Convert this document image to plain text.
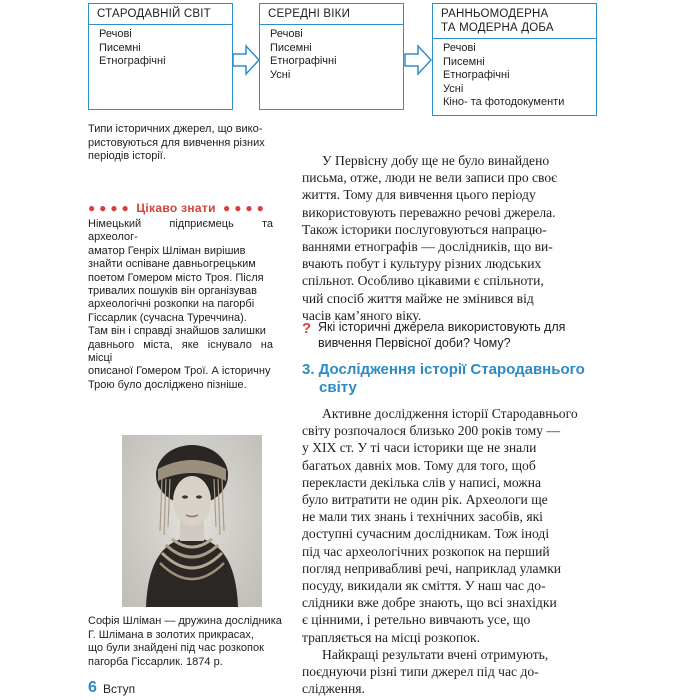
СТАРОДАВНІЙ СВІТ
Речові
Писемні
Етнографічні
СЕРЕДНІ ВІКИ
Речові
Писемні
Етнографічні
Усні
РАННЬОМОДЕРНА
ТА МОДЕРНА ДОБА
Речові
Писемні
Етнографічні
Усні
Кіно- та фотодокументи
Типи історичних джерел, що вико-
ристовуються для вивчення різних
періодів історії.
● ● ● ●  Цікаво знати  ● ● ● ●
Німецький підприємець та археолог-
аматор Генріх Шліман вирішив
знайти оспіване давньогрецьким
поетом Гомером місто Троя. Після
тривалих пошуків він організував
археологічні розкопки на пагорбі
Гіссарлик (сучасна Туреччина).
Там він і справді знайшов залишки
давнього міста, яке існувало на місці
описаної Гомером Трої. А історичну
Трою було досліджено пізніше.
Софія Шліман — дружина дослідника
Г. Шлімана в золотих прикрасах,
що були знайдені під час розкопок
пагорба Гіссарлик. 1874 р.
У Первісну добу ще не було винайдено
письма, отже, люди не вели записи про своє
життя. Тому для вивчення цього періоду
використовують переважно речові джерела.
Також історики послуговуються напрацю-
ваннями етнографів — дослідників, що ви-
вчають побут і культуру різних людських
спільнот. Особливо цікавими є спільноти,
чий спосіб життя майже не змінився від
часів кам’яного віку.
? Які історичні джерела використовують для
вивчення Первісної доби? Чому?
3. Дослідження історії Стародавнього
світу
Активне дослідження історії Стародавнього
світу розпочалося близько 200 років тому —
у XIX ст. У ті часи історики ще не знали
багатьох давніх мов. Тому для того, щоб
перекласти декілька слів у написі, можна
було витратити не один рік. Археологи ще
не мали тих знань і технічних засобів, які
доступні сучасним дослідникам. Тож іноді
під час археологічних розкопок на перший
погляд непривабливі речі, наприклад уламки
посуду, викидали як сміття. У наш час до-
слідники вже добре знають, що всі знахідки
є цінними, і ретельно вивчають усе, що
трапляється на місці розкопок.
Найкращі результати вчені отримують,
поєднуючи різні типи джерел під час до-
слідження.
6 Вступ
